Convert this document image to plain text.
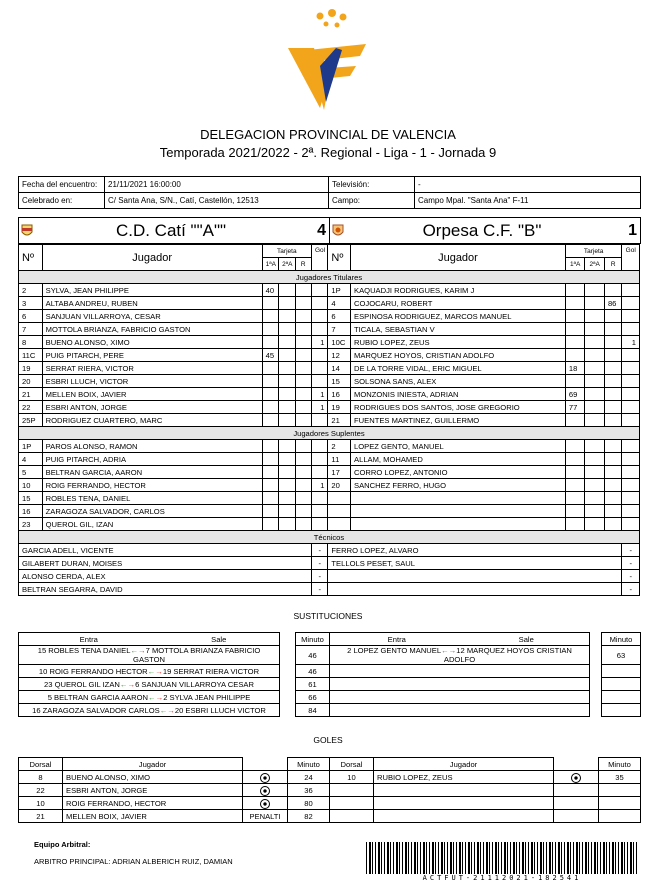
DELEGACION PROVINCIAL DE VALENCIA
Temporada 2021/2022 - 2ª. Regional - Liga - 1 - Jornada 9
Fecha del encuentro:	21/11/2021 16:00:00	Televisión:	-
Celebrado en:	C/ Santa Ana, S/N., Catí, Castellón, 12513	Campo:	Campo Mpal. "Santa Ana" F-11
	C.D. Catí ""A""	4		Orpesa C.F. "B"	1
Nº	Jugador	Tarjeta			Gol	Nº	Jugador	Tarjeta			Gol
		1ªA	2ªA	R				1ªA	2ªA	R	
Jugadores Titulares											
2	SYLVA, JEAN PHILIPPE	40				1P	KAQUADJI RODRIGUES, KARIM J				
3	ALTABA ANDREU, RUBEN					4	COJOCARU, ROBERT			86	
6	SANJUAN VILLARROYA, CESAR					6	ESPINOSA RODRIGUEZ, MARCOS MANUEL				
7	MOTTOLA BRIANZA, FABRICIO GASTON					7	TICALA, SEBASTIAN V				
8	BUENO ALONSO, XIMO				1	10C	RUBIO LOPEZ, ZEUS				1
11C	PUIG PITARCH, PERE	45				12	MARQUEZ HOYOS, CRISTIAN ADOLFO				
19	SERRAT RIERA, VICTOR					14	DE LA TORRE VIDAL, ERIC MIGUEL	18			
20	ESBRI LLUCH, VICTOR					15	SOLSONA SANS, ALEX				
21	MELLEN BOIX, JAVIER				1	16	MONZONIS INIESTA, ADRIAN	69			
22	ESBRI ANTON, JORGE				1	19	RODRIGUES DOS SANTOS, JOSE GREGORIO	77			
25P	RODRIGUEZ CUARTERO, MARC					21	FUENTES MARTINEZ, GUILLERMO				
Jugadores Suplentes											
1P	PAROS ALONSO, RAMON					2	LOPEZ GENTO, MANUEL				
4	PUIG PITARCH, ADRIA					11	ALLAM, MOHAMED				
5	BELTRAN GARCIA, AARON					17	CORRO LOPEZ, ANTONIO				
10	ROIG FERRANDO, HECTOR				1	20	SANCHEZ FERRO, HUGO				
15	ROBLES TENA, DANIEL										
16	ZARAGOZA SALVADOR, CARLOS										
23	QUEROL GIL, IZAN										
Técnicos											
GARCIA ADELL, VICENTE					-	FERRO LOPEZ, ALVARO					-
GILABERT DURAN, MOISES					-	TELLOLS PESET, SAUL					-
ALONSO CERDA, ALEX					-						-
BELTRAN SEGARRA, DAVID					-						-
SUSTITUCIONES
Entra	Sale		Minuto	Entra	Sale		Minuto
15 ROBLES TENA DANIEL←→7 MOTTOLA BRIANZA FABRICIO GASTON			46	2 LOPEZ GENTO MANUEL←→12 MARQUEZ HOYOS CRISTIAN ADOLFO			63
10 ROIG FERRANDO HECTOR←→19 SERRAT RIERA VICTOR			46				
23 QUEROL GIL IZAN←→6 SANJUAN VILLARROYA CESAR			61				
5 BELTRAN GARCIA AARON←→2 SYLVA JEAN PHILIPPE			66				
16 ZARAGOZA SALVADOR CARLOS←→20 ESBRI LLUCH VICTOR			84				
GOLES
Dorsal	Jugador		Minuto	Dorsal	Jugador		Minuto
8	BUENO ALONSO, XIMO		24	10	RUBIO LOPEZ, ZEUS		35
22	ESBRI ANTON, JORGE		36				
10	ROIG FERRANDO, HECTOR		80				
21	MELLEN BOIX, JAVIER	PENALTI	82				
Equipo Arbitral:
ARBITRO PRINCIPAL: ADRIAN ALBERICH RUIZ, DAMIAN
ACTFUT-21112021-182541
